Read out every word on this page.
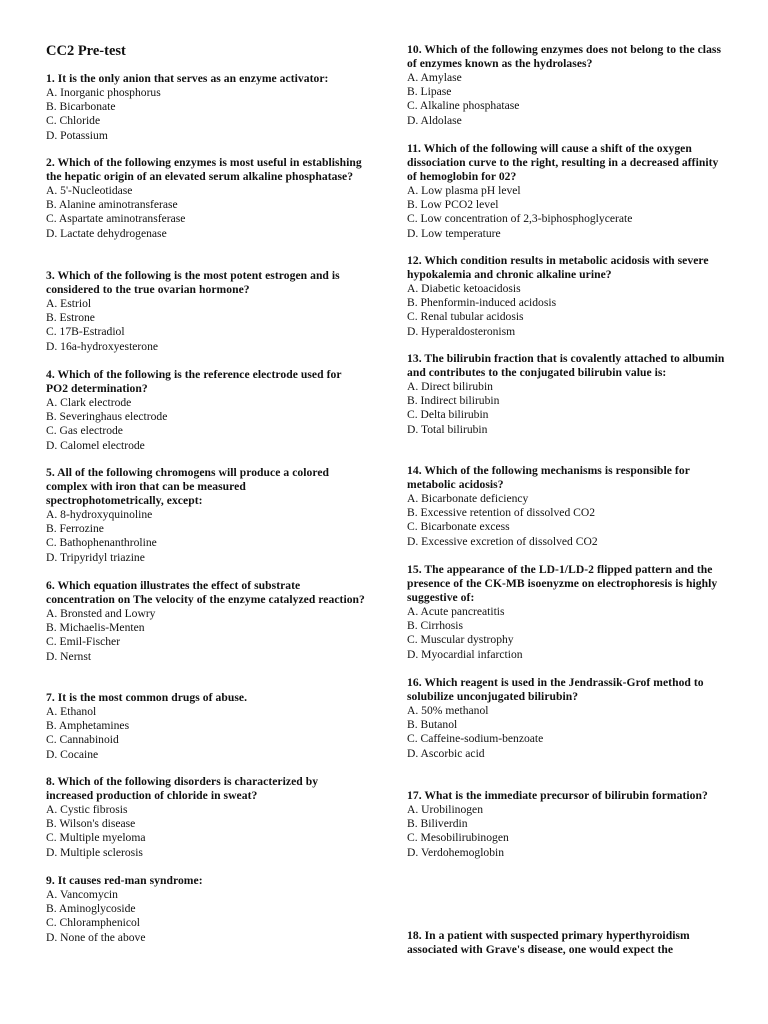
CC2 Pre-test
1. It is the only anion that serves as an enzyme activator:
A. Inorganic phosphorus
B. Bicarbonate
C. Chloride
D. Potassium
2. Which of the following enzymes is most useful in establishing the hepatic origin of an elevated serum alkaline phosphatase?
A. 5'-Nucleotidase
B. Alanine aminotransferase
C. Aspartate aminotransferase
D. Lactate dehydrogenase
3. Which of the following is the most potent estrogen and is considered to the true ovarian hormone?
A. Estriol
B. Estrone
C. 17B-Estradiol
D. 16a-hydroxyesterone
4. Which of the following is the reference electrode used for PO2 determination?
A. Clark electrode
B. Severinghaus electrode
C. Gas electrode
D. Calomel electrode
5. All of the following chromogens will produce a colored complex with iron that can be measured spectrophotometrically, except:
A. 8-hydroxyquinoline
B. Ferrozine
C. Bathophenanthroline
D. Tripyridyl triazine
6. Which equation illustrates the effect of substrate concentration on The velocity of the enzyme catalyzed reaction?
A. Bronsted and Lowry
B. Michaelis-Menten
C. Emil-Fischer
D. Nernst
7. It is the most common drugs of abuse.
A. Ethanol
B. Amphetamines
C. Cannabinoid
D. Cocaine
8. Which of the following disorders is characterized by increased production of chloride in sweat?
A. Cystic fibrosis
B. Wilson's disease
C. Multiple myeloma
D. Multiple sclerosis
9. It causes red-man syndrome:
A. Vancomycin
B. Aminoglycoside
C. Chloramphenicol
D. None of the above
10. Which of the following enzymes does not belong to the class of enzymes known as the hydrolases?
A. Amylase
B. Lipase
C. Alkaline phosphatase
D. Aldolase
11. Which of the following will cause a shift of the oxygen dissociation curve to the right, resulting in a decreased affinity of hemoglobin for 02?
A. Low plasma pH level
B. Low PCO2 level
C. Low concentration of 2,3-biphosphoglycerate
D. Low temperature
12. Which condition results in metabolic acidosis with severe hypokalemia and chronic alkaline urine?
A. Diabetic ketoacidosis
B. Phenformin-induced acidosis
C. Renal tubular acidosis
D. Hyperaldosteronism
13. The bilirubin fraction that is covalently attached to albumin and contributes to the conjugated bilirubin value is:
A. Direct bilirubin
B. Indirect bilirubin
C. Delta bilirubin
D. Total bilirubin
14. Which of the following mechanisms is responsible for metabolic acidosis?
A. Bicarbonate deficiency
B. Excessive retention of dissolved CO2
C. Bicarbonate excess
D. Excessive excretion of dissolved CO2
15. The appearance of the LD-1/LD-2 flipped pattern and the presence of the CK-MB isoenyzme on electrophoresis is highly suggestive of:
A. Acute pancreatitis
B. Cirrhosis
C. Muscular dystrophy
D. Myocardial infarction
16. Which reagent is used in the Jendrassik-Grof method to solubilize unconjugated bilirubin?
A. 50% methanol
B. Butanol
C. Caffeine-sodium-benzoate
D. Ascorbic acid
17. What is the immediate precursor of bilirubin formation?
A. Urobilinogen
B. Biliverdin
C. Mesobilirubinogen
D. Verdohemoglobin
18. In a patient with suspected primary hyperthyroidism associated with Grave's disease, one would expect the
